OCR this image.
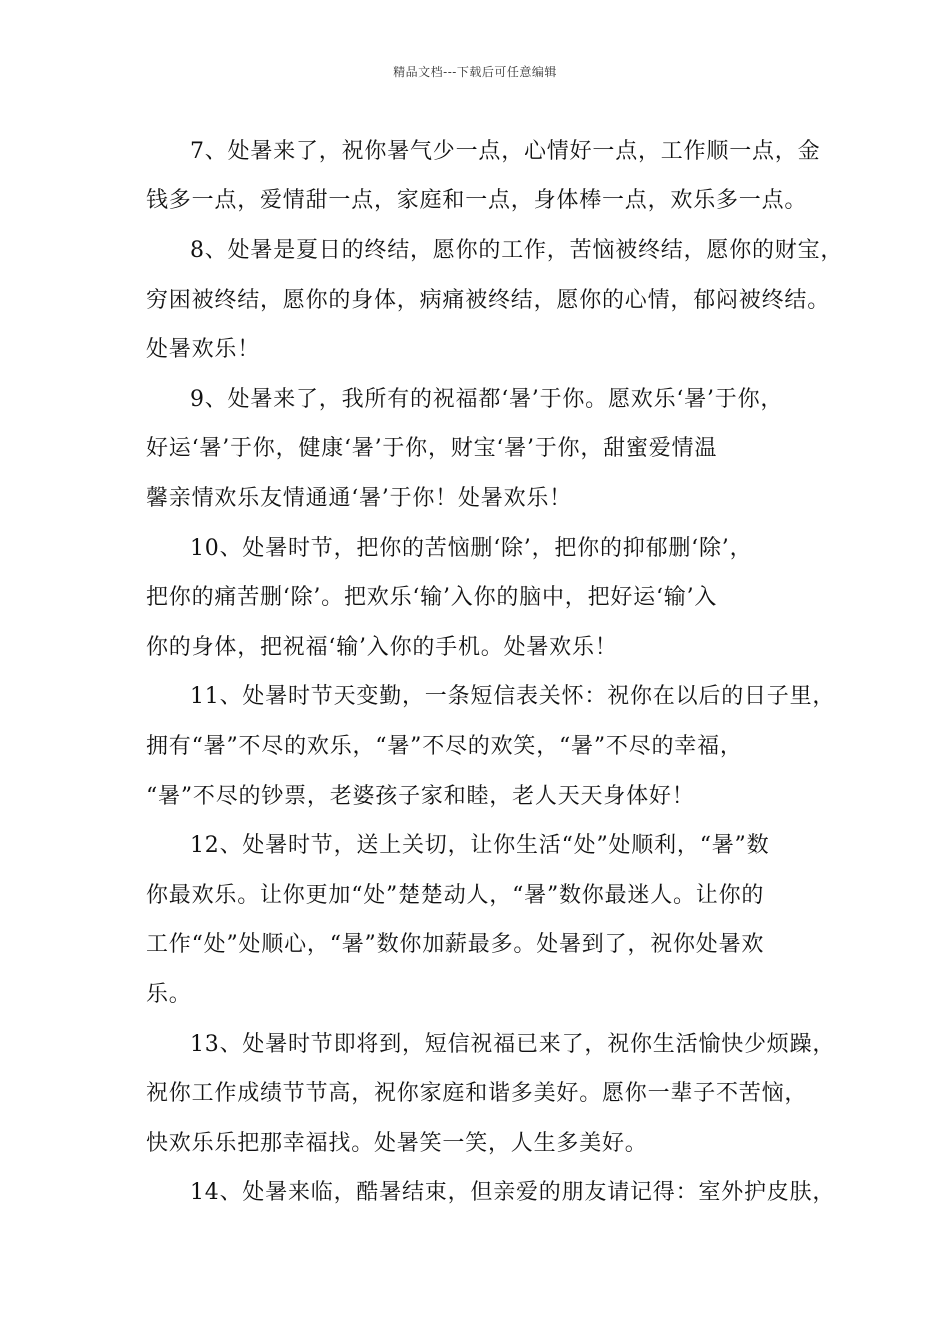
精品文档---下载后可任意编辑
7、处暑来了，祝你暑气少一点，心情好一点，工作顺一点，金
钱多一点，爱情甜一点，家庭和一点，身体棒一点，欢乐多一点。
8、处暑是夏日的终结，愿你的工作，苦恼被终结，愿你的财宝，
穷困被终结，愿你的身体，病痛被终结，愿你的心情，郁闷被终结。
处暑欢乐！
9、处暑来了，我所有的祝福都‘暑’于你。愿欢乐‘暑’于你，
好运‘暑’于你，健康‘暑’于你，财宝‘暑’于你，甜蜜爱情温
馨亲情欢乐友情通通‘暑’于你！处暑欢乐！
10、处暑时节，把你的苦恼删‘除’，把你的抑郁删‘除’，
把你的痛苦删‘除’。把欢乐‘输’入你的脑中，把好运‘输’入
你的身体，把祝福‘输’入你的手机。处暑欢乐！
11、处暑时节天变勤，一条短信表关怀：祝你在以后的日子里，
拥有“暑”不尽的欢乐，“暑”不尽的欢笑，“暑”不尽的幸福，
“暑”不尽的钞票，老婆孩子家和睦，老人天天身体好！
12、处暑时节，送上关切，让你生活“处”处顺利，“暑”数
你最欢乐。让你更加“处”楚楚动人，“暑”数你最迷人。让你的
工作“处”处顺心，“暑”数你加薪最多。处暑到了，祝你处暑欢
乐。
13、处暑时节即将到，短信祝福已来了，祝你生活愉快少烦躁，
祝你工作成绩节节高，祝你家庭和谐多美好。愿你一辈子不苦恼，
快欢乐乐把那幸福找。处暑笑一笑，人生多美好。
14、处暑来临，酷暑结束，但亲爱的朋友请记得：室外护皮肤，
